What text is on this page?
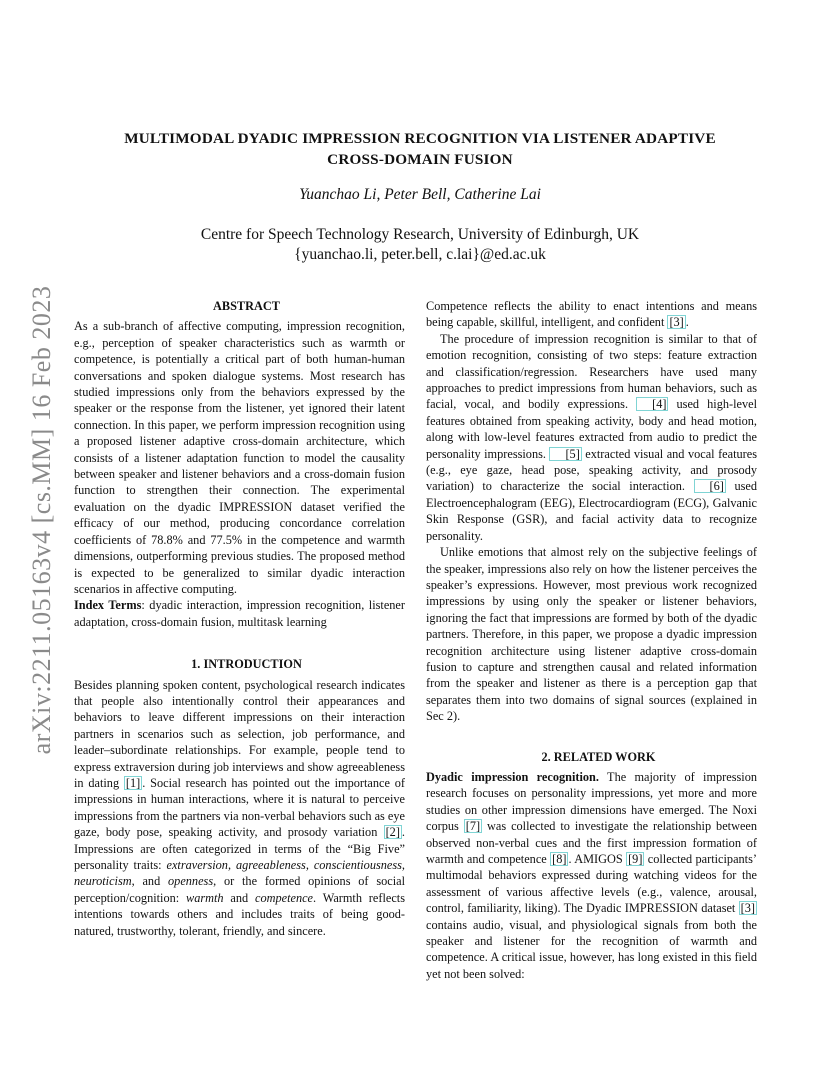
arXiv:2211.05163v4 [cs.MM] 16 Feb 2023
MULTIMODAL DYADIC IMPRESSION RECOGNITION VIA LISTENER ADAPTIVE
CROSS-DOMAIN FUSION
Yuanchao Li, Peter Bell, Catherine Lai
Centre for Speech Technology Research, University of Edinburgh, UK
{yuanchao.li, peter.bell, c.lai}@ed.ac.uk

ABSTRACT

As a sub-branch of affective computing, impression recognition, e.g., perception of speaker characteristics such as warmth or competence, is potentially a critical part of both human-human conversations and spoken dialogue systems. Most research has studied impressions only from the behaviors expressed by the speaker or the response from the listener, yet ignored their latent connection. In this paper, we perform impression recognition using a proposed listener adaptive cross-domain architecture, which consists of a listener adaptation function to model the causality between speaker and listener behaviors and a cross-domain fusion function to strengthen their connection. The experimental evaluation on the dyadic IMPRESSION dataset verified the efficacy of our method, producing concordance correlation coefficients of 78.8% and 77.5% in the competence and warmth dimensions, outperforming previous studies. The proposed method is expected to be generalized to similar dyadic interaction scenarios in affective computing.

Index Terms: dyadic interaction, impression recognition, listener adaptation, cross-domain fusion, multitask learning

1. INTRODUCTION

Besides planning spoken content, psychological research indicates that people also intentionally control their appearances and behaviors to leave different impressions on their interaction partners in scenarios such as selection, job performance, and leader–subordinate relationships. For example, people tend to express extraversion during job interviews and show agreeableness in dating [1] . Social research has pointed out the importance of impressions in human interactions, where it is natural to perceive impressions from the partners via non-verbal behaviors such as eye gaze, body pose, speaking activity, and prosody variation [2] . Impressions are often categorized in terms of the “Big Five” personality traits: extraversion, agreeableness, conscientiousness, neuroticism, and openness, or the formed opinions of social perception/cognition: warmth and competence. Warmth reflects intentions towards others and includes traits of being good-natured, trustworthy, tolerant, friendly, and sincere.

Competence reflects the ability to enact intentions and means being capable, skillful, intelligent, and confident [3] .

The procedure of impression recognition is similar to that of emotion recognition, consisting of two steps: feature extraction and classification/regression. Researchers have used many approaches to predict impressions from human behaviors, such as facial, vocal, and bodily expressions. [4] used high-level features obtained from speaking activity, body and head motion, along with low-level features extracted from audio to predict the personality impressions. [5] extracted visual and vocal features (e.g., eye gaze, head pose, speaking activity, and prosody variation) to characterize the social interaction. [6] used Electroencephalogram (EEG), Electrocardiogram (ECG), Galvanic Skin Response (GSR), and facial activity data to recognize personality.

Unlike emotions that almost rely on the subjective feelings of the speaker, impressions also rely on how the listener perceives the speaker’s expressions. However, most previous work recognized impressions by using only the speaker or listener behaviors, ignoring the fact that impressions are formed by both of the dyadic partners. Therefore, in this paper, we propose a dyadic impression recognition architecture using listener adaptive cross-domain fusion to capture and strengthen causal and related information from the speaker and listener as there is a perception gap that separates them into two domains of signal sources (explained in Sec 2).

2. RELATED WORK

Dyadic impression recognition. The majority of impression research focuses on personality impressions, yet more and more studies on other impression dimensions have emerged. The Noxi corpus [7] was collected to investigate the relationship between observed non-verbal cues and the first impression formation of warmth and competence [8] . AMIGOS [9] collected participants’ multimodal behaviors expressed during watching videos for the assessment of various affective levels (e.g., valence, arousal, control, familiarity, liking). The Dyadic IMPRESSION dataset [3] contains audio, visual, and physiological signals from both the speaker and listener for the recognition of warmth and competence. A critical issue, however, has long existed in this field yet not been solved:
